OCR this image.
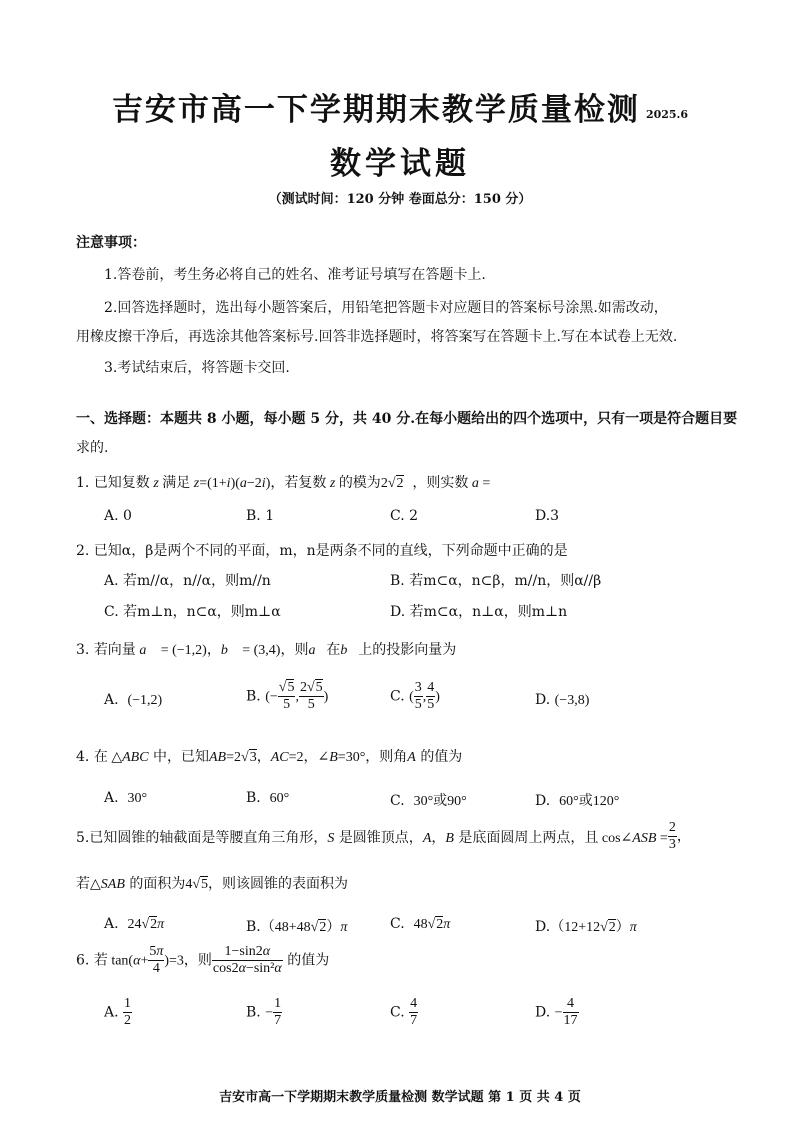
吉安市高一下学期期末教学质量检测 2025.6
数学试题
（测试时间：120 分钟 卷面总分：150 分）
注意事项：
1.答卷前，考生务必将自己的姓名、准考证号填写在答题卡上.
2.回答选择题时，选出每小题答案后，用铅笔把答题卡对应题目的答案标号涂黑.如需改动，
用橡皮擦干净后，再选涂其他答案标号.回答非选择题时，将答案写在答题卡上.写在本试卷上无效.
3.考试结束后，将答题卡交回.
一、选择题：本题共 8 小题，每小题 5 分，共 40 分.在每小题给出的四个选项中，只有一项是符合题目要
求的.
1. 已知复数 z 满足 z=(1+i)(a−2i)，若复数 z 的模为2√2 ，则实数 a =
A. 0	B. 1	C. 2	D.3
2. 已知α，β是两个不同的平面，m，n是两条不同的直线，下列命题中正确的是
A. 若m//α，n//α，则m//n	B. 若m⊂α，n⊂β，m//n，则α//β
C. 若m⊥n，n⊂α，则m⊥α	D. 若m⊂α，n⊥α，则m⊥n
3. 若向量 a⃗ = (−1,2)，b⃗ = (3,4)，则a⃗在b⃗上的投影向量为
A. (−1,2)	B. (− $\frac{√5}{5}$ , $\frac{2√5}{5}$ )	C. ( $\frac{3}{5}$ , $\frac{4}{5}$ )	D. (−3,8)
4. 在 △ABC 中，已知AB=2√3，AC=2，∠B=30°，则角A 的值为
A. 30°	B. 60°	C. 30°或90°	D. 60°或120°
5.已知圆锥的轴截面是等腰直角三角形，S 是圆锥顶点，A，B 是底面圆周上两点，且 cos∠ASB = $\frac{2}{3}$ ，
若△SAB 的面积为4√5，则该圆锥的表面积为
A. 24√2π	B.（48+48√2）π	C. 48√2π	D.（12+12√2）π
6. 若 $\tan(\alpha+ \frac{5\pi}{4} )=3$，则 $\frac{1-\sin 2\alpha}{\text{cos2α−sin²α}}$ 的值为
A. $\frac{1}{2}$	B. − $\frac{1}{7}$	C. $\frac{4}{7}$	D. − $\frac{4}{17}$
吉安市高一下学期期末教学质量检测 数学试题 第 1 页 共 4 页
